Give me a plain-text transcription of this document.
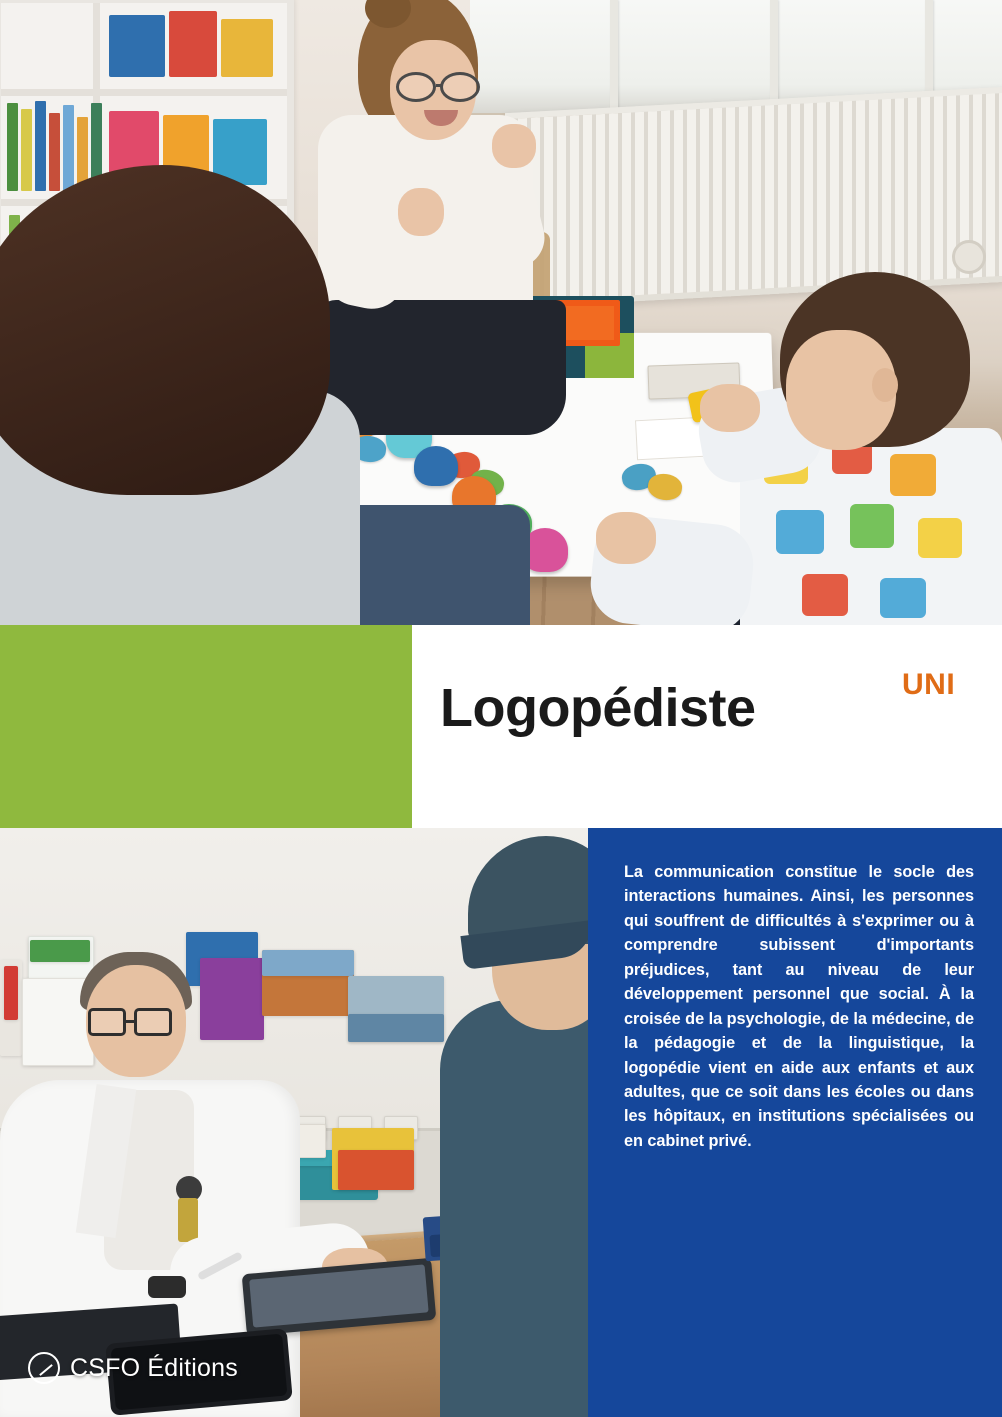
Logopédiste	UNI
La communication constitue le socle des interactions humaines. Ainsi, les personnes qui souffrent de difficultés à s'exprimer ou à comprendre subissent d'importants préjudices, tant au niveau de leur développement personnel que social. À la croisée de la psychologie, de la médecine, de la pédagogie et de la linguistique, la logopédie vient en aide aux enfants et aux adultes, que ce soit dans les écoles ou dans les hôpitaux, en institutions spécialisées ou en cabinet privé.
CSFO Éditions
